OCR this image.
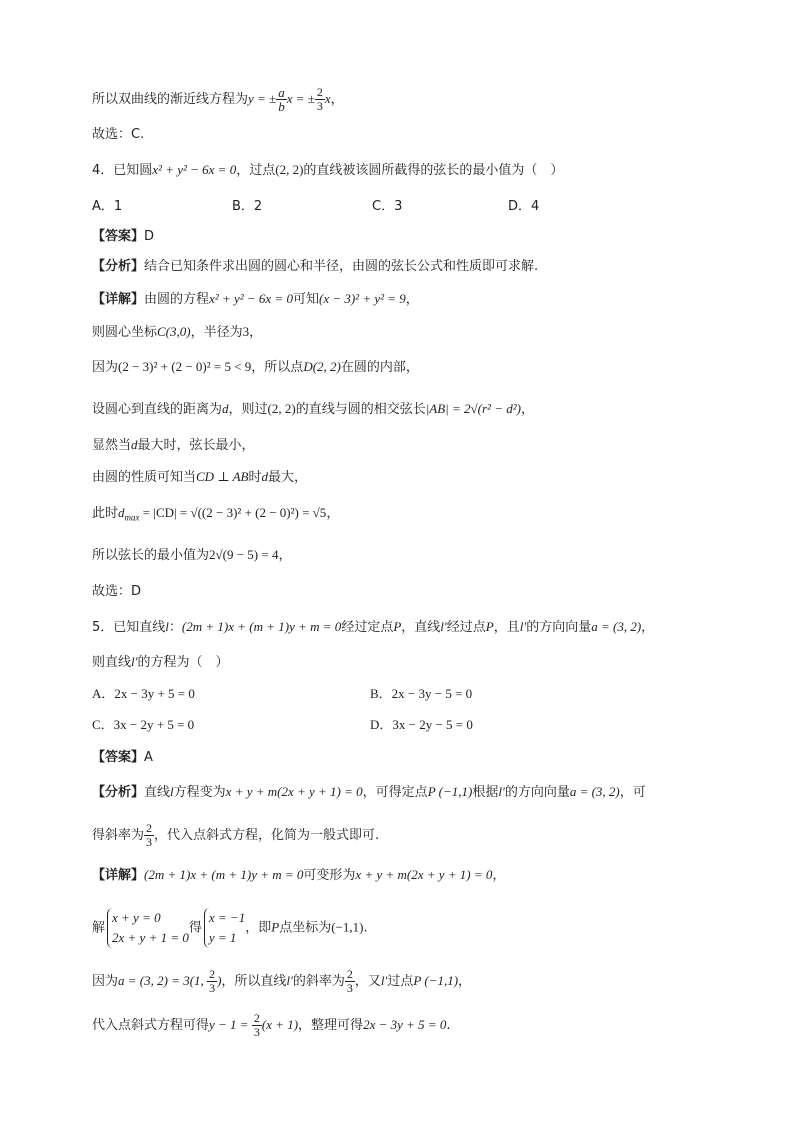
所以双曲线的渐近线方程为y = ± $\frac{a}{b}$ x = ± $\frac{2}{3}$ x，
故选：C.
4．已知圆x² + y² − 6x = 0，过点(2, 2)的直线被该圆所截得的弦长的最小值为（　）
A．1	B．2	C．3	D．4
【答案】D
【分析】结合已知条件求出圆的圆心和半径，由圆的弦长公式和性质即可求解.
【详解】由圆的方程x² + y² − 6x = 0可知(x − 3)² + y² = 9，
则圆心坐标C(3,0)，半径为3，
因为(2 − 3)² + (2 − 0)² = 5 < 9，所以点D(2, 2)在圆的内部，
设圆心到直线的距离为d，则过(2, 2)的直线与圆的相交弦长|AB| = 2√(r² − d²)，
显然当d最大时，弦长最小，
由圆的性质可知当CD ⊥ AB时d最大，
此时$d_{max} = |CD| = √((2 - 3)^2 + (2 - 0)^2) = √5$，
所以弦长的最小值为2√(9 − 5) = 4，
故选：D
5．已知直线l：(2m + 1)x + (m + 1)y + m = 0经过定点P，直线l′经过点P，且l′的方向向量a = (3, 2)，
则直线l′的方程为（　）
A．2x − 3y + 5 = 0	B．2x − 3y − 5 = 0
C．3x − 2y + 5 = 0	D．3x − 2y − 5 = 0
【答案】A
【分析】直线l方程变为x + y + m(2x + y + 1) = 0，可得定点P (−1,1)根据l′的方向向量a = (3, 2)，可
得斜率为 $\frac{2}{3}$ ，代入点斜式方程，化简为一般式即可.
【详解】(2m + 1)x + (m + 1)y + m = 0可变形为x + y + m(2x + y + 1) = 0，
解
x + y = 0
2x + y + 1 = 0
得
x = −1
y = 1
，即P点坐标为(−1,1).
因为a = (3, 2) = 3(1, $\frac{2}{3}$ )，所以直线l′的斜率为 $\frac{2}{3}$ ，又l′过点P (−1,1)，
代入点斜式方程可得$y - 1 = \frac{2}{3} (x + 1)$，整理可得2x − 3y + 5 = 0.
